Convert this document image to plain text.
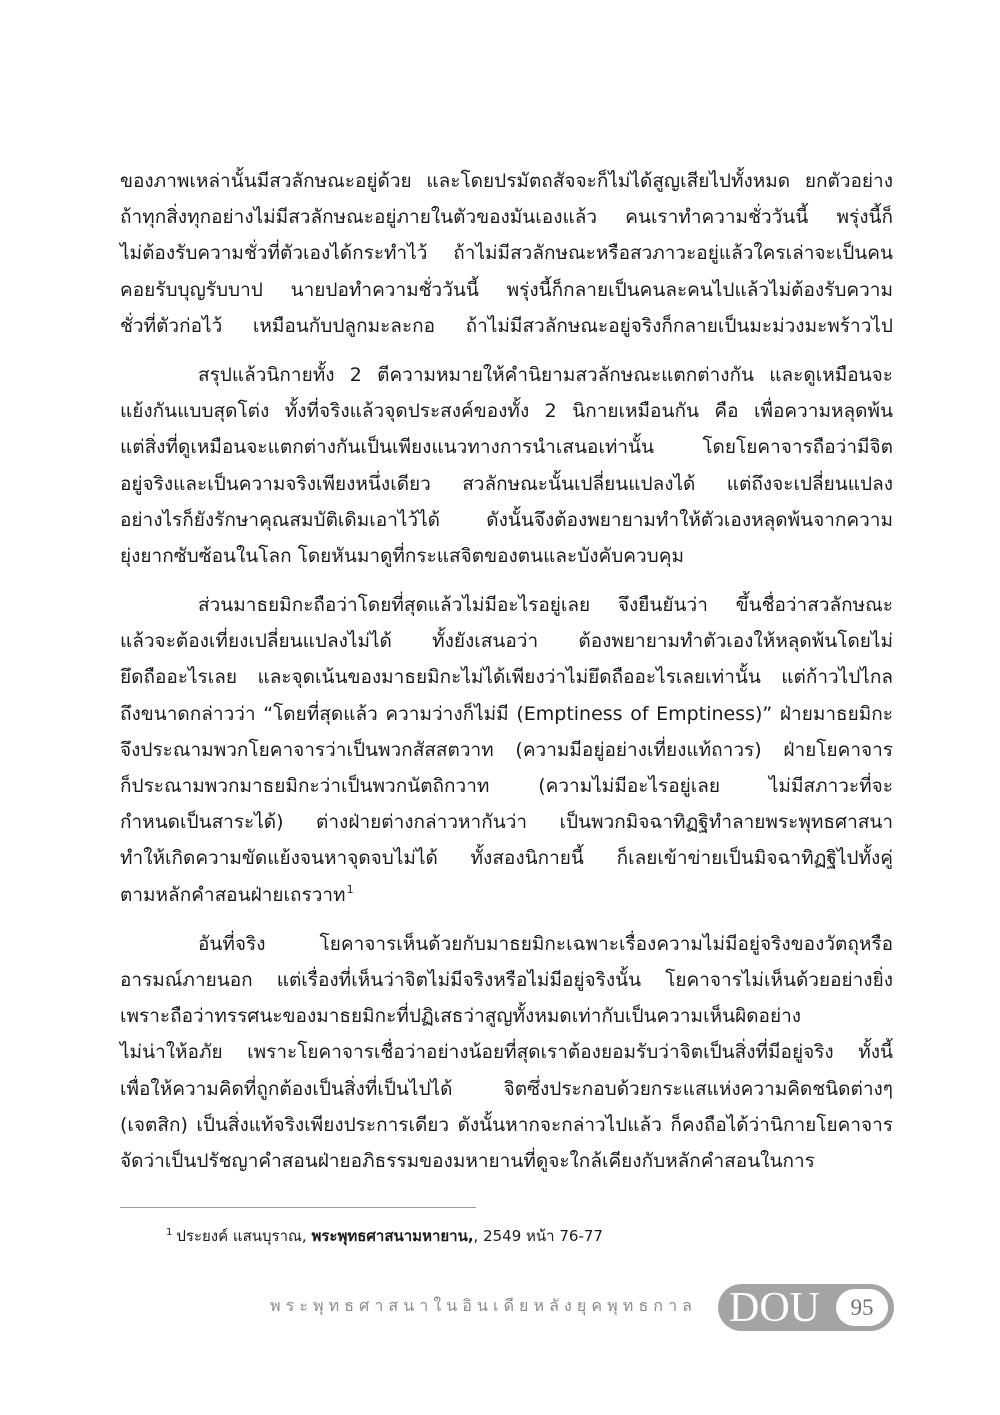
ของภาพเหล่านั้นมีสวลักษณะอยู่ด้วย และโดยปรมัตถสัจจะก็ไม่ได้สูญเสียไปทั้งหมด ยกตัวอย่าง
ถ้าทุกสิ่งทุกอย่างไม่มีสวลักษณะอยู่ภายในตัวของมันเองแล้ว คนเราทำความชั่ววันนี้ พรุ่งนี้ก็
ไม่ต้องรับความชั่วที่ตัวเองได้กระทำไว้ ถ้าไม่มีสวลักษณะหรือสวภาวะอยู่แล้วใครเล่าจะเป็นคน
คอยรับบุญรับบาป นายปอทำความชั่ววันนี้ พรุ่งนี้ก็กลายเป็นคนละคนไปแล้วไม่ต้องรับความ
ชั่วที่ตัวก่อไว้ เหมือนกับปลูกมะละกอ ถ้าไม่มีสวลักษณะอยู่จริงก็กลายเป็นมะม่วงมะพร้าวไป
สรุปแล้วนิกายทั้ง 2 ตีความหมายให้คำนิยามสวลักษณะแตกต่างกัน และดูเหมือนจะ
แย้งกันแบบสุดโต่ง ทั้งที่จริงแล้วจุดประสงค์ของทั้ง 2 นิกายเหมือนกัน คือ เพื่อความหลุดพ้น
แต่สิ่งที่ดูเหมือนจะแตกต่างกันเป็นเพียงแนวทางการนำเสนอเท่านั้น โดยโยคาจารถือว่ามีจิต
อยู่จริงและเป็นความจริงเพียงหนึ่งเดียว สวลักษณะนั้นเปลี่ยนแปลงได้ แต่ถึงจะเปลี่ยนแปลง
อย่างไรก็ยังรักษาคุณสมบัติเดิมเอาไว้ได้ ดังนั้นจึงต้องพยายามทำให้ตัวเองหลุดพ้นจากความ
ยุ่งยากซับซ้อนในโลก โดยหันมาดูที่กระแสจิตของตนและบังคับควบคุม
ส่วนมาธยมิกะถือว่าโดยที่สุดแล้วไม่มีอะไรอยู่เลย จึงยืนยันว่า ขึ้นชื่อว่าสวลักษณะ
แล้วจะต้องเที่ยงเปลี่ยนแปลงไม่ได้ ทั้งยังเสนอว่า ต้องพยายามทำตัวเองให้หลุดพ้นโดยไม่
ยึดถืออะไรเลย และจุดเน้นของมาธยมิกะไม่ได้เพียงว่าไม่ยึดถืออะไรเลยเท่านั้น แต่ก้าวไปไกล
ถึงขนาดกล่าวว่า “โดยที่สุดแล้ว ความว่างก็ไม่มี (Emptiness of Emptiness)” ฝ่ายมาธยมิกะ
จึงประณามพวกโยคาจารว่าเป็นพวกสัสสตวาท (ความมีอยู่อย่างเที่ยงแท้ถาวร) ฝ่ายโยคาจาร
ก็ประณามพวกมาธยมิกะว่าเป็นพวกนัตถิกวาท (ความไม่มีอะไรอยู่เลย ไม่มีสภาวะที่จะ
กำหนดเป็นสาระได้) ต่างฝ่ายต่างกล่าวหากันว่า เป็นพวกมิจฉาทิฏฐิทำลายพระพุทธศาสนา
ทำให้เกิดความขัดแย้งจนหาจุดจบไม่ได้ ทั้งสองนิกายนี้ ก็เลยเข้าข่ายเป็นมิจฉาทิฏฐิไปทั้งคู่
ตามหลักคำสอนฝ่ายเถรวาท$^1$
อันที่จริง โยคาจารเห็นด้วยกับมาธยมิกะเฉพาะเรื่องความไม่มีอยู่จริงของวัตถุหรือ
อารมณ์ภายนอก แต่เรื่องที่เห็นว่าจิตไม่มีจริงหรือไม่มีอยู่จริงนั้น โยคาจารไม่เห็นด้วยอย่างยิ่ง
เพราะถือว่าทรรศนะของมาธยมิกะที่ปฏิเสธว่าสูญทั้งหมดเท่ากับเป็นความเห็นผิดอย่าง
ไม่น่าให้อภัย เพราะโยคาจารเชื่อว่าอย่างน้อยที่สุดเราต้องยอมรับว่าจิตเป็นสิ่งที่มีอยู่จริง ทั้งนี้
เพื่อให้ความคิดที่ถูกต้องเป็นสิ่งที่เป็นไปได้ จิตซึ่งประกอบด้วยกระแสแห่งความคิดชนิดต่างๆ
(เจตสิก) เป็นสิ่งแท้จริงเพียงประการเดียว ดังนั้นหากจะกล่าวไปแล้ว ก็คงถือได้ว่านิกายโยคาจาร
จัดว่าเป็นปรัชญาคำสอนฝ่ายอภิธรรมของมหายานที่ดูจะใกล้เคียงกับหลักคำสอนในการ
$^1$ ประยงค์ แสนบุราณ, พระพุทธศาสนามหายาน,, 2549 หน้า 76-77
พ ร ะ พุ ท ธ ศ า ส น า ใ น อิ น เ ดี ย ห ลั ง ยุ ค พุ ท ธ ก า ล DOU	95
